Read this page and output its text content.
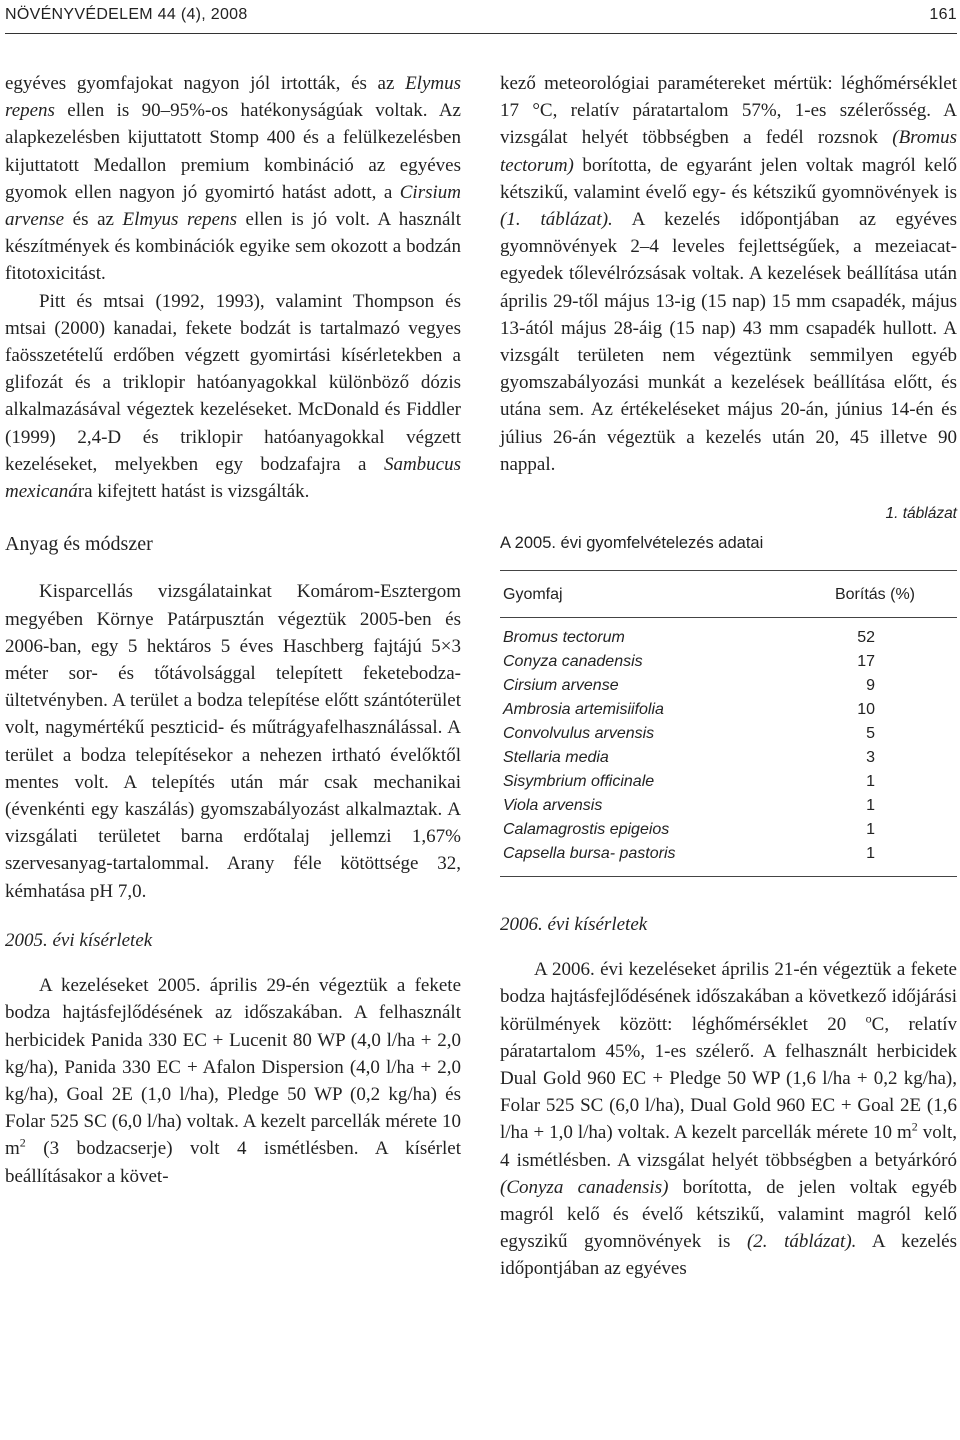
NÖVÉNYVÉDELEM 44 (4), 2008	161

egyéves gyomfajokat nagyon jól irtották, és az Elymus repens ellen is 90–95%-os hatékonyságúak voltak. Az alapkezelésben kijuttatott Stomp 400 és a felülkezelésben kijuttatott Medallon premium kombináció az egyéves gyomok ellen nagyon jó gyomirtó hatást adott, a Cirsium arvense és az Elmyus repens ellen is jó volt. A használt készítmények és kombinációk egyike sem okozott a bodzán fitotoxicitást.

Pitt és mtsai (1992, 1993), valamint Thompson és mtsai (2000) kanadai, fekete bodzát is tartalmazó vegyes faösszetételű erdőben végzett gyomirtási kísérletekben a glifozát és a triklopir hatóanyagokkal különböző dózis alkalmazásával végeztek kezeléseket. McDonald és Fiddler (1999) 2,4-D és triklopir hatóanyagokkal végzett kezeléseket, melyekben egy bodzafajra a Sambucus mexicanára kifejtett hatást is vizsgálták.

Anyag és módszer

Kisparcellás vizsgálatainkat Komárom-Esztergom megyében Környe Patárpusztán végeztük 2005-ben és 2006-ban, egy 5 hektáros 5 éves Haschberg fajtájú 5×3 méter sor- és tőtávolsággal telepített feketebodza-ültetvényben. A terület a bodza telepítése előtt szántóterület volt, nagymértékű peszticid- és műtrágyafelhasználással. A terület a bodza telepítésekor a nehezen irtható évelőktől mentes volt. A telepítés után már csak mechanikai (évenkénti egy kaszálás) gyomszabályozást alkalmaztak. A vizsgálati területet barna erdőtalaj jellemzi 1,67% szervesanyag-tartalommal. Arany féle kötöttsége 32, kémhatása pH 7,0.

2005. évi kísérletek

A kezeléseket 2005. április 29-én végeztük a fekete bodza hajtásfejlődésének az időszakában. A felhasznált herbicidek Panida 330 EC + Lucenit 80 WP (4,0 l/ha + 2,0 kg/ha), Panida 330 EC + Afalon Dispersion (4,0 l/ha + 2,0 kg/ha), Goal 2E (1,0 l/ha), Pledge 50 WP (0,2 kg/ha) és Folar 525 SC (6,0 l/ha) voltak. A kezelt parcellák mérete 10 $m^2$ (3 bodzacserje) volt 4 ismétlésben. A kísérlet beállításakor a követ-

kező meteorológiai paramétereket mértük: léghőmérséklet 17 °C, relatív páratartalom 57%, 1-es szélerősség. A vizsgálat helyét többségben a fedél rozsnok (Bromus tectorum) borította, de egyaránt jelen voltak magról kelő kétszikű, valamint évelő egy- és kétszikű gyomnövények is (1. táblázat). A kezelés időpontjában az egyéves gyomnövények 2–4 leveles fejlettségűek, a mezeiacat-egyedek tőlevélrózsásak voltak. A kezelések beállítása után április 29-től május 13-ig (15 nap) 15 mm csapadék, május 13-ától május 28-áig (15 nap) 43 mm csapadék hullott. A vizsgált területen nem végeztünk semmilyen egyéb gyomszabályozási munkát a kezelések beállítása előtt, és utána sem. Az értékeléseket május 20-án, június 14-én és július 26-án végeztük a kezelés után 20, 45 illetve 90 nappal.

1. táblázat

A 2005. évi gyomfelvételezés adatai

Gyomfaj	Borítás (%)
Bromus tectorum	52
Conyza canadensis	17
Cirsium arvense	9
Ambrosia artemisiifolia	10
Convolvulus arvensis	5
Stellaria media	3
Sisymbrium officinale	1
Viola arvensis	1
Calamagrostis epigeios	1
Capsella bursa- pastoris	1

2006. évi kísérletek

A 2006. évi kezeléseket április 21-én végeztük a fekete bodza hajtásfejlődésének időszakában a következő időjárási körülmények között: léghőmérséklet 20 $^o$C, relatív páratartalom 45%, 1-es szélerő. A felhasznált herbicidek Dual Gold 960 EC + Pledge 50 WP (1,6 l/ha + 0,2 kg/ha), Folar 525 SC (6,0 l/ha), Dual Gold 960 EC + Goal 2E (1,6 l/ha + 1,0 l/ha) voltak. A kezelt parcellák mérete 10 $m^2$ volt, 4 ismétlésben. A vizsgálat helyét többségben a betyárkóró (Conyza canadensis) borította, de jelen voltak egyéb magról kelő és évelő kétszikű, valamint magról kelő egyszikű gyomnövények is (2. táblázat). A kezelés időpontjában az egyéves
